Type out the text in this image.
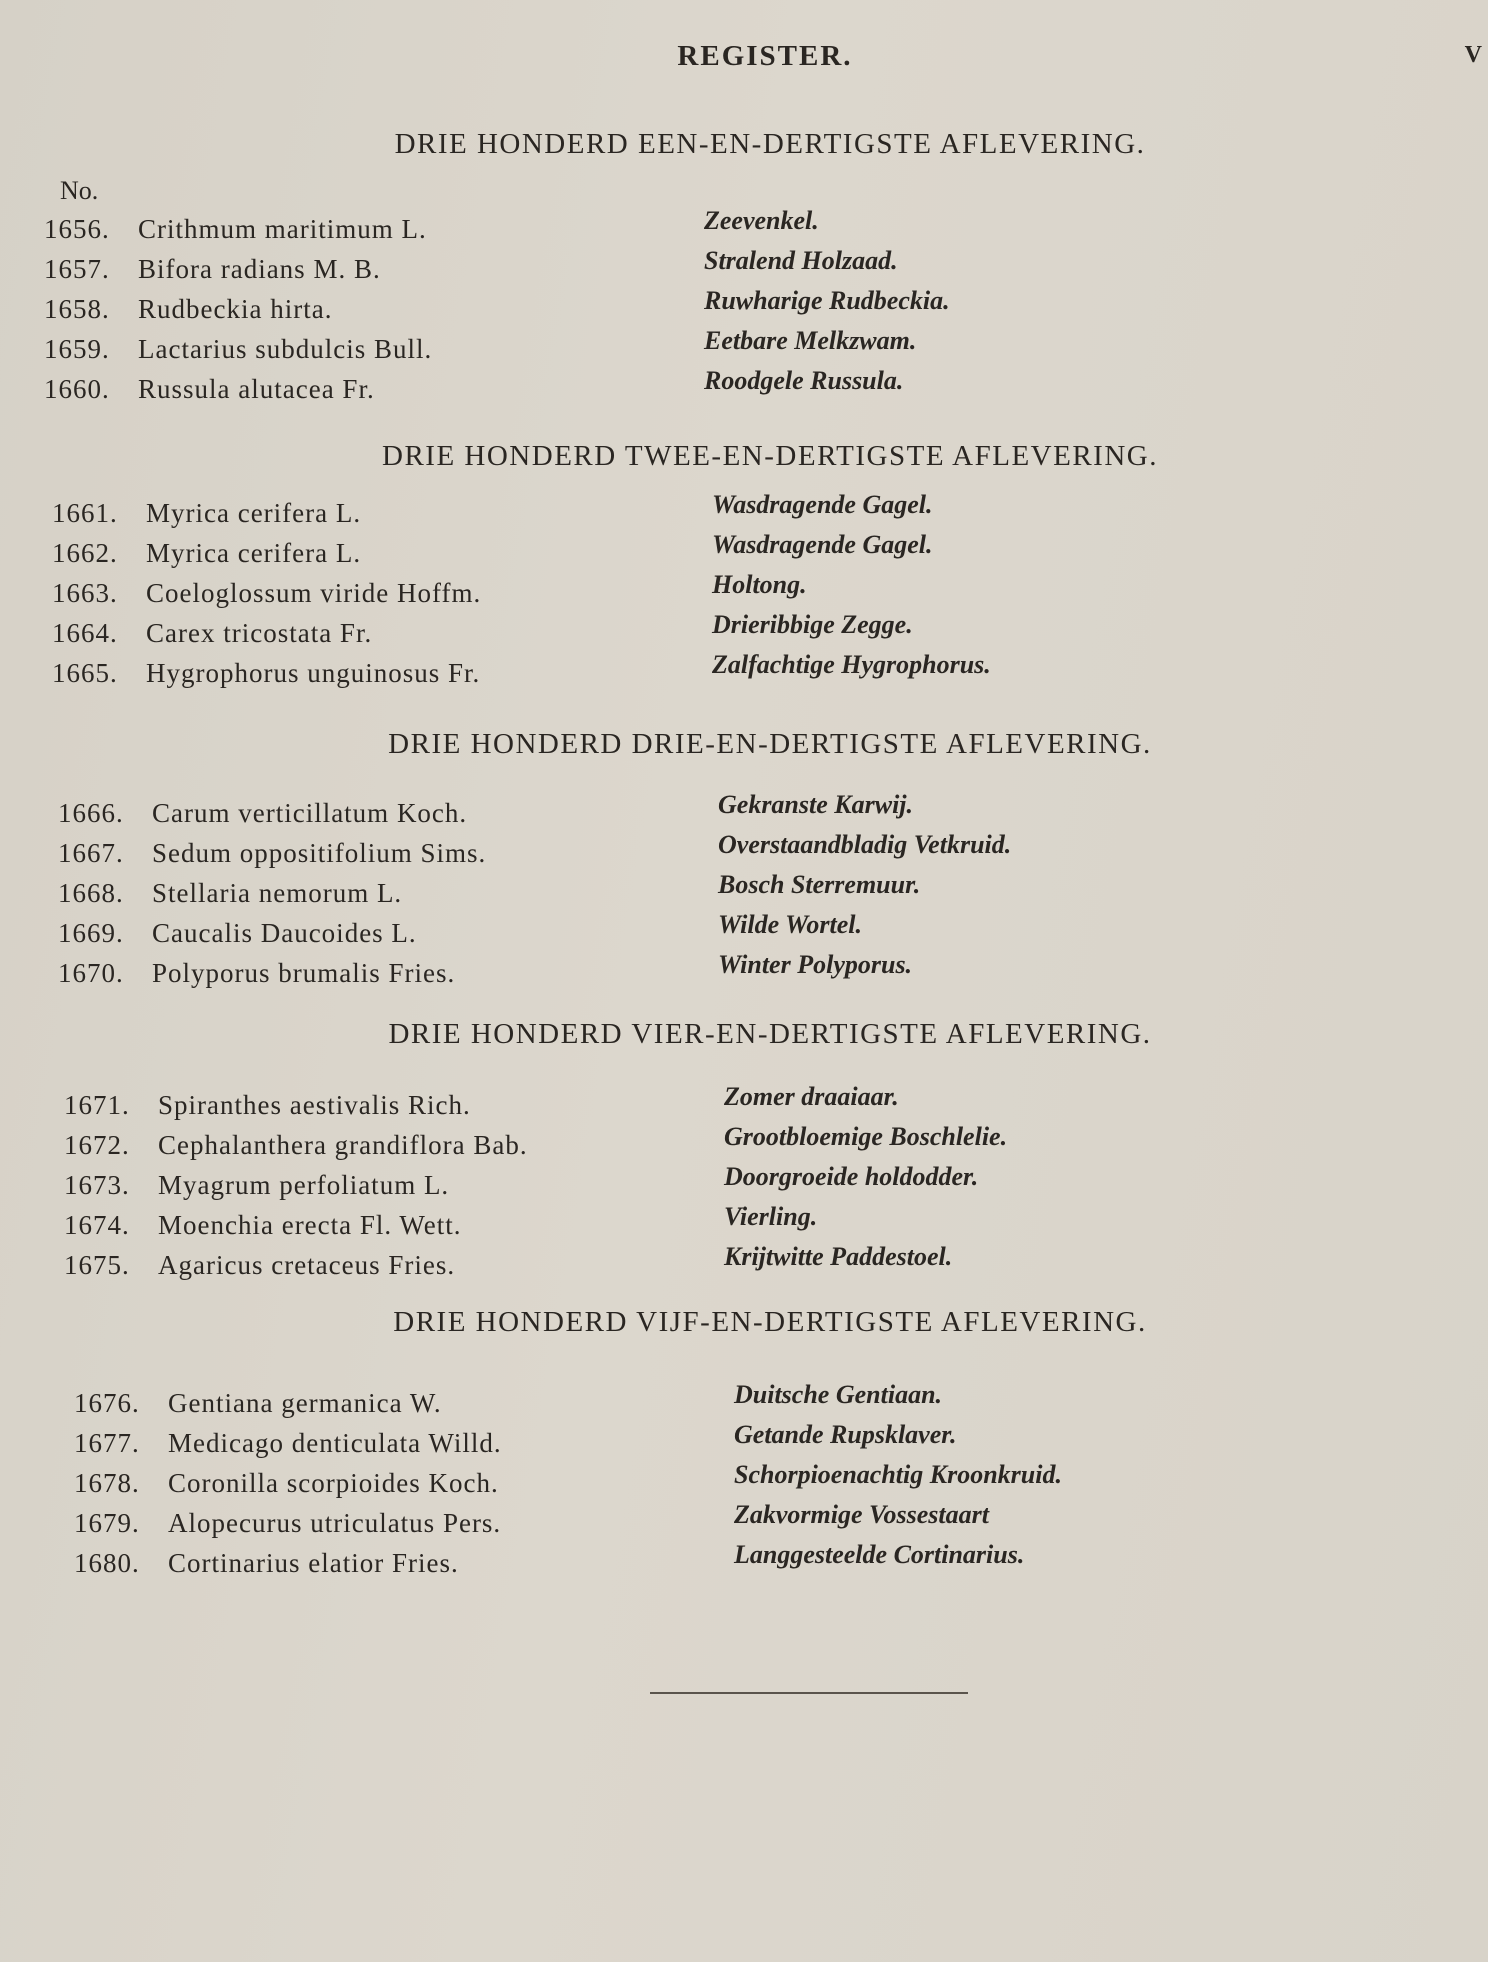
REGISTER.	V
DRIE HONDERD EEN-EN-DERTIGSTE AFLEVERING.
No.
1656. Crithmum maritimum L.	Zeevenkel.
1657. Bifora radians M. B.	Stralend Holzaad.
1658. Rudbeckia hirta.	Ruwharige Rudbeckia.
1659. Lactarius subdulcis Bull.	Eetbare Melkzwam.
1660. Russula alutacea Fr.	Roodgele Russula.
DRIE HONDERD TWEE-EN-DERTIGSTE AFLEVERING.
1661. Myrica cerifera L.	Wasdragende Gagel.
1662. Myrica cerifera L.	Wasdragende Gagel.
1663. Coeloglossum viride Hoffm.	Holtong.
1664. Carex tricostata Fr.	Drieribbige Zegge.
1665. Hygrophorus unguinosus Fr.	Zalfachtige Hygrophorus.
DRIE HONDERD DRIE-EN-DERTIGSTE AFLEVERING.
1666. Carum verticillatum Koch.	Gekranste Karwij.
1667. Sedum oppositifolium Sims.	Overstaandbladig Vetkruid.
1668. Stellaria nemorum L.	Bosch Sterremuur.
1669. Caucalis Daucoides L.	Wilde Wortel.
1670. Polyporus brumalis Fries.	Winter Polyporus.
DRIE HONDERD VIER-EN-DERTIGSTE AFLEVERING.
1671. Spiranthes aestivalis Rich.	Zomer draaiaar.
1672. Cephalanthera grandiflora Bab.	Grootbloemige Boschlelie.
1673. Myagrum perfoliatum L.	Doorgroeide holdodder.
1674. Moenchia erecta Fl. Wett.	Vierling.
1675. Agaricus cretaceus Fries.	Krijtwitte Paddestoel.
DRIE HONDERD VIJF-EN-DERTIGSTE AFLEVERING.
1676. Gentiana germanica W.	Duitsche Gentiaan.
1677. Medicago denticulata Willd.	Getande Rupsklaver.
1678. Coronilla scorpioides Koch.	Schorpioenachtig Kroonkruid.
1679. Alopecurus utriculatus Pers.	Zakvormige Vossestaart
1680. Cortinarius elatior Fries.	Langgesteelde Cortinarius.
